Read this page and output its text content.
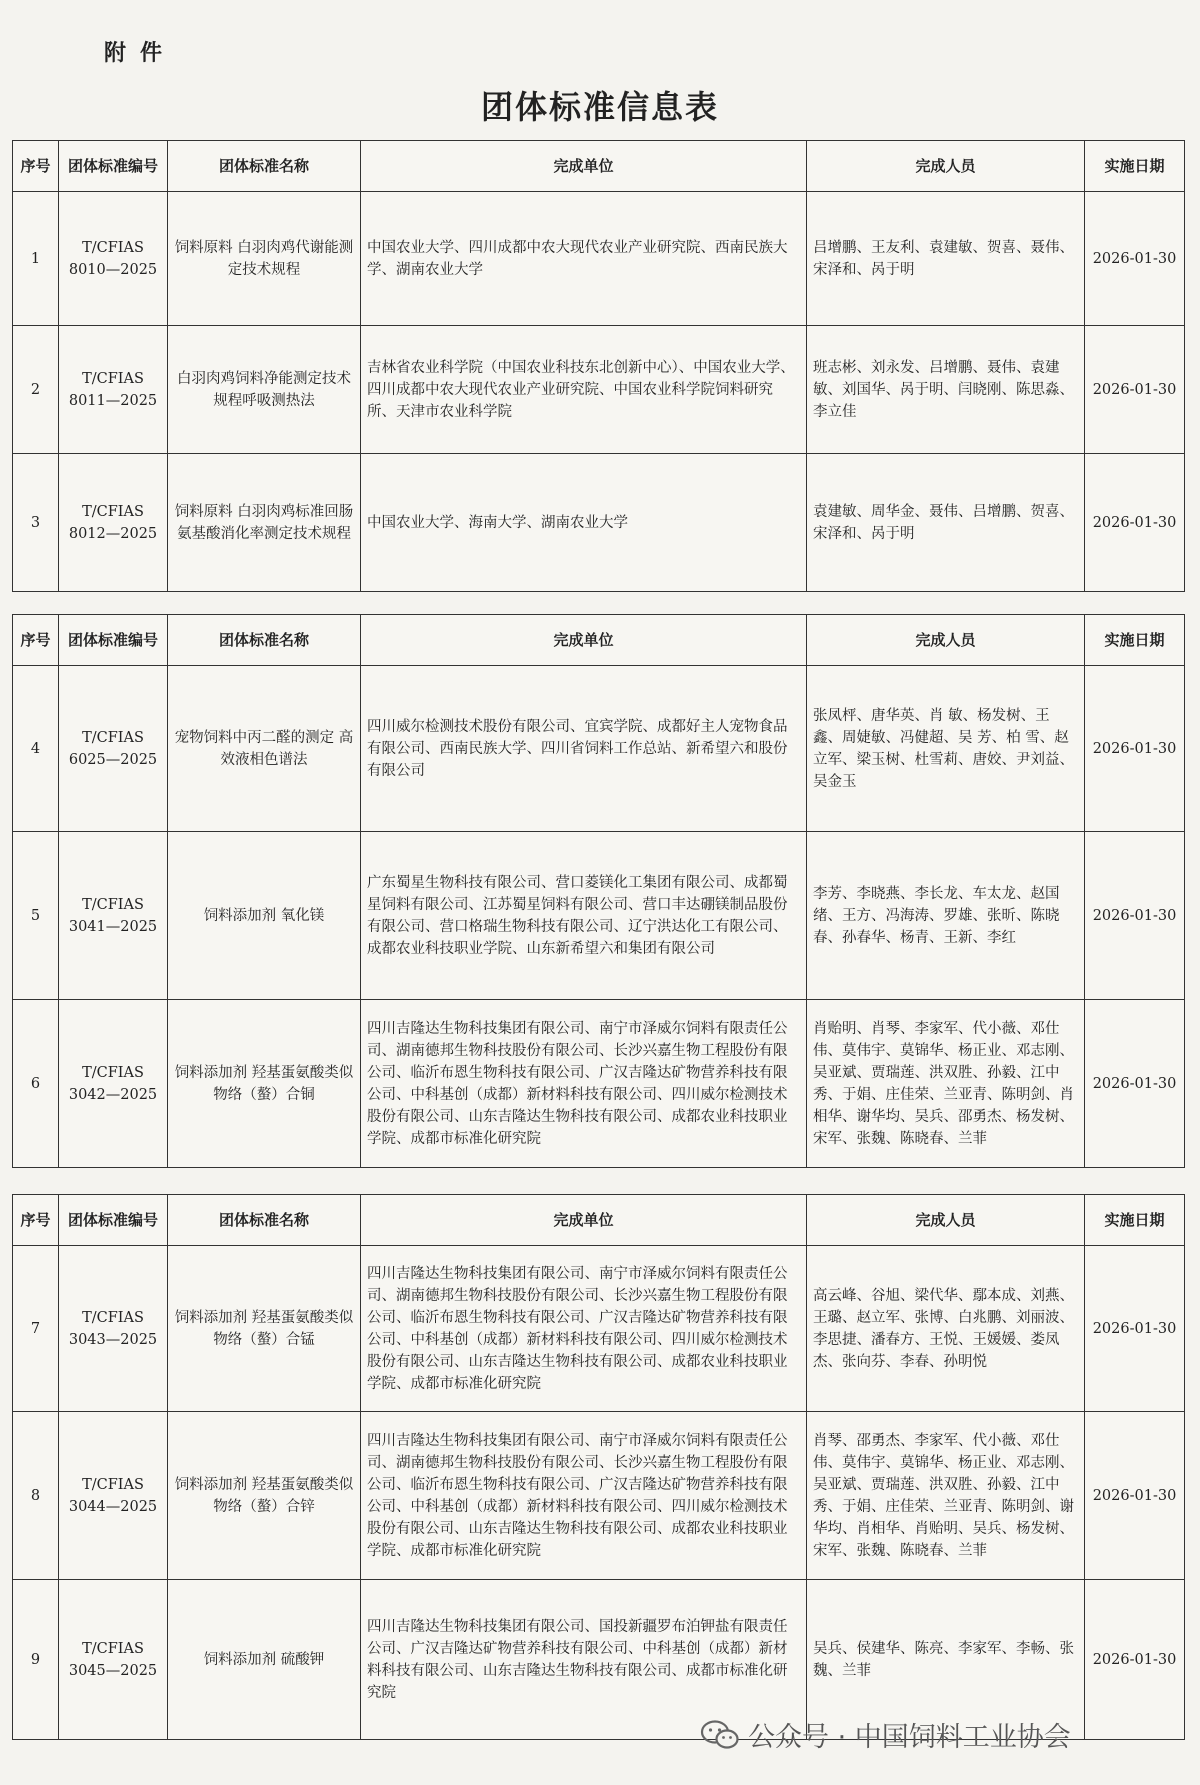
附件
团体标准信息表
序号	团体标准编号	团体标准名称	完成单位	完成人员	实施日期
1	T/CFIAS 8010—2025	饲料原料 白羽肉鸡代谢能测定技术规程	中国农业大学、四川成都中农大现代农业产业研究院、西南民族大学、湖南农业大学	吕增鹏、王友利、袁建敏、贺喜、聂伟、宋泽和、呙于明	2026-01-30
2	T/CFIAS 8011—2025	白羽肉鸡饲料净能测定技术规程呼吸测热法	吉林省农业科学院（中国农业科技东北创新中心）、中国农业大学、四川成都中农大现代农业产业研究院、中国农业科学院饲料研究所、天津市农业科学院	班志彬、刘永发、吕增鹏、聂伟、袁建敏、刘国华、呙于明、闫晓刚、陈思淼、李立佳	2026-01-30
3	T/CFIAS 8012—2025	饲料原料 白羽肉鸡标准回肠氨基酸消化率测定技术规程	中国农业大学、海南大学、湖南农业大学	袁建敏、周华金、聂伟、吕增鹏、贺喜、宋泽和、呙于明	2026-01-30
序号	团体标准编号	团体标准名称	完成单位	完成人员	实施日期
4	T/CFIAS 6025—2025	宠物饲料中丙二醛的测定 高效液相色谱法	四川威尔检测技术股份有限公司、宜宾学院、成都好主人宠物食品有限公司、西南民族大学、四川省饲料工作总站、新希望六和股份有限公司	张凤枰、唐华英、肖 敏、杨发树、王 鑫、周婕敏、冯健超、吴 芳、柏 雪、赵立军、梁玉树、杜雪莉、唐姣、尹刘益、吴金玉	2026-01-30
5	T/CFIAS 3041—2025	饲料添加剂 氧化镁	广东蜀星生物科技有限公司、营口菱镁化工集团有限公司、成都蜀星饲料有限公司、江苏蜀星饲料有限公司、营口丰达硼镁制品股份有限公司、营口格瑞生物科技有限公司、辽宁洪达化工有限公司、成都农业科技职业学院、山东新希望六和集团有限公司	李芳、李晓燕、李长龙、车太龙、赵国绪、王方、冯海涛、罗雄、张昕、陈晓春、孙春华、杨青、王新、李红	2026-01-30
6	T/CFIAS 3042—2025	饲料添加剂 羟基蛋氨酸类似物络（螯）合铜	四川吉隆达生物科技集团有限公司、南宁市泽威尔饲料有限责任公司、湖南德邦生物科技股份有限公司、长沙兴嘉生物工程股份有限公司、临沂布恩生物科技有限公司、广汉吉隆达矿物营养科技有限公司、中科基创（成都）新材料科技有限公司、四川威尔检测技术股份有限公司、山东吉隆达生物科技有限公司、成都农业科技职业学院、成都市标准化研究院	肖贻明、肖琴、李家军、代小薇、邓仕伟、莫伟宇、莫锦华、杨正业、邓志刚、吴亚斌、贾瑞莲、洪双胜、孙毅、江中秀、于娟、庄佳荣、兰亚青、陈明剑、肖相华、谢华均、吴兵、邵勇杰、杨发树、宋军、张魏、陈晓春、兰菲	2026-01-30
序号	团体标准编号	团体标准名称	完成单位	完成人员	实施日期
7	T/CFIAS 3043—2025	饲料添加剂 羟基蛋氨酸类似物络（螯）合锰	四川吉隆达生物科技集团有限公司、南宁市泽威尔饲料有限责任公司、湖南德邦生物科技股份有限公司、长沙兴嘉生物工程股份有限公司、临沂布恩生物科技有限公司、广汉吉隆达矿物营养科技有限公司、中科基创（成都）新材料科技有限公司、四川威尔检测技术股份有限公司、山东吉隆达生物科技有限公司、成都农业科技职业学院、成都市标准化研究院	高云峰、谷旭、梁代华、鄢本成、刘燕、王璐、赵立军、张博、白兆鹏、刘丽波、李思捷、潘春方、王悦、王媛媛、娄凤杰、张向芬、李春、孙明悦	2026-01-30
8	T/CFIAS 3044—2025	饲料添加剂 羟基蛋氨酸类似物络（螯）合锌	四川吉隆达生物科技集团有限公司、南宁市泽威尔饲料有限责任公司、湖南德邦生物科技股份有限公司、长沙兴嘉生物工程股份有限公司、临沂布恩生物科技有限公司、广汉吉隆达矿物营养科技有限公司、中科基创（成都）新材料科技有限公司、四川威尔检测技术股份有限公司、山东吉隆达生物科技有限公司、成都农业科技职业学院、成都市标准化研究院	肖琴、邵勇杰、李家军、代小薇、邓仕伟、莫伟宇、莫锦华、杨正业、邓志刚、吴亚斌、贾瑞莲、洪双胜、孙毅、江中秀、于娟、庄佳荣、兰亚青、陈明剑、谢华均、肖相华、肖贻明、吴兵、杨发树、宋军、张魏、陈晓春、兰菲	2026-01-30
9	T/CFIAS 3045—2025	饲料添加剂 硫酸钾	四川吉隆达生物科技集团有限公司、国投新疆罗布泊钾盐有限责任公司、广汉吉隆达矿物营养科技有限公司、中科基创（成都）新材料科技有限公司、山东吉隆达生物科技有限公司、成都市标准化研究院	吴兵、侯建华、陈亮、李家军、李畅、张魏、兰菲	2026-01-30
公众号 · 中国饲料工业协会
